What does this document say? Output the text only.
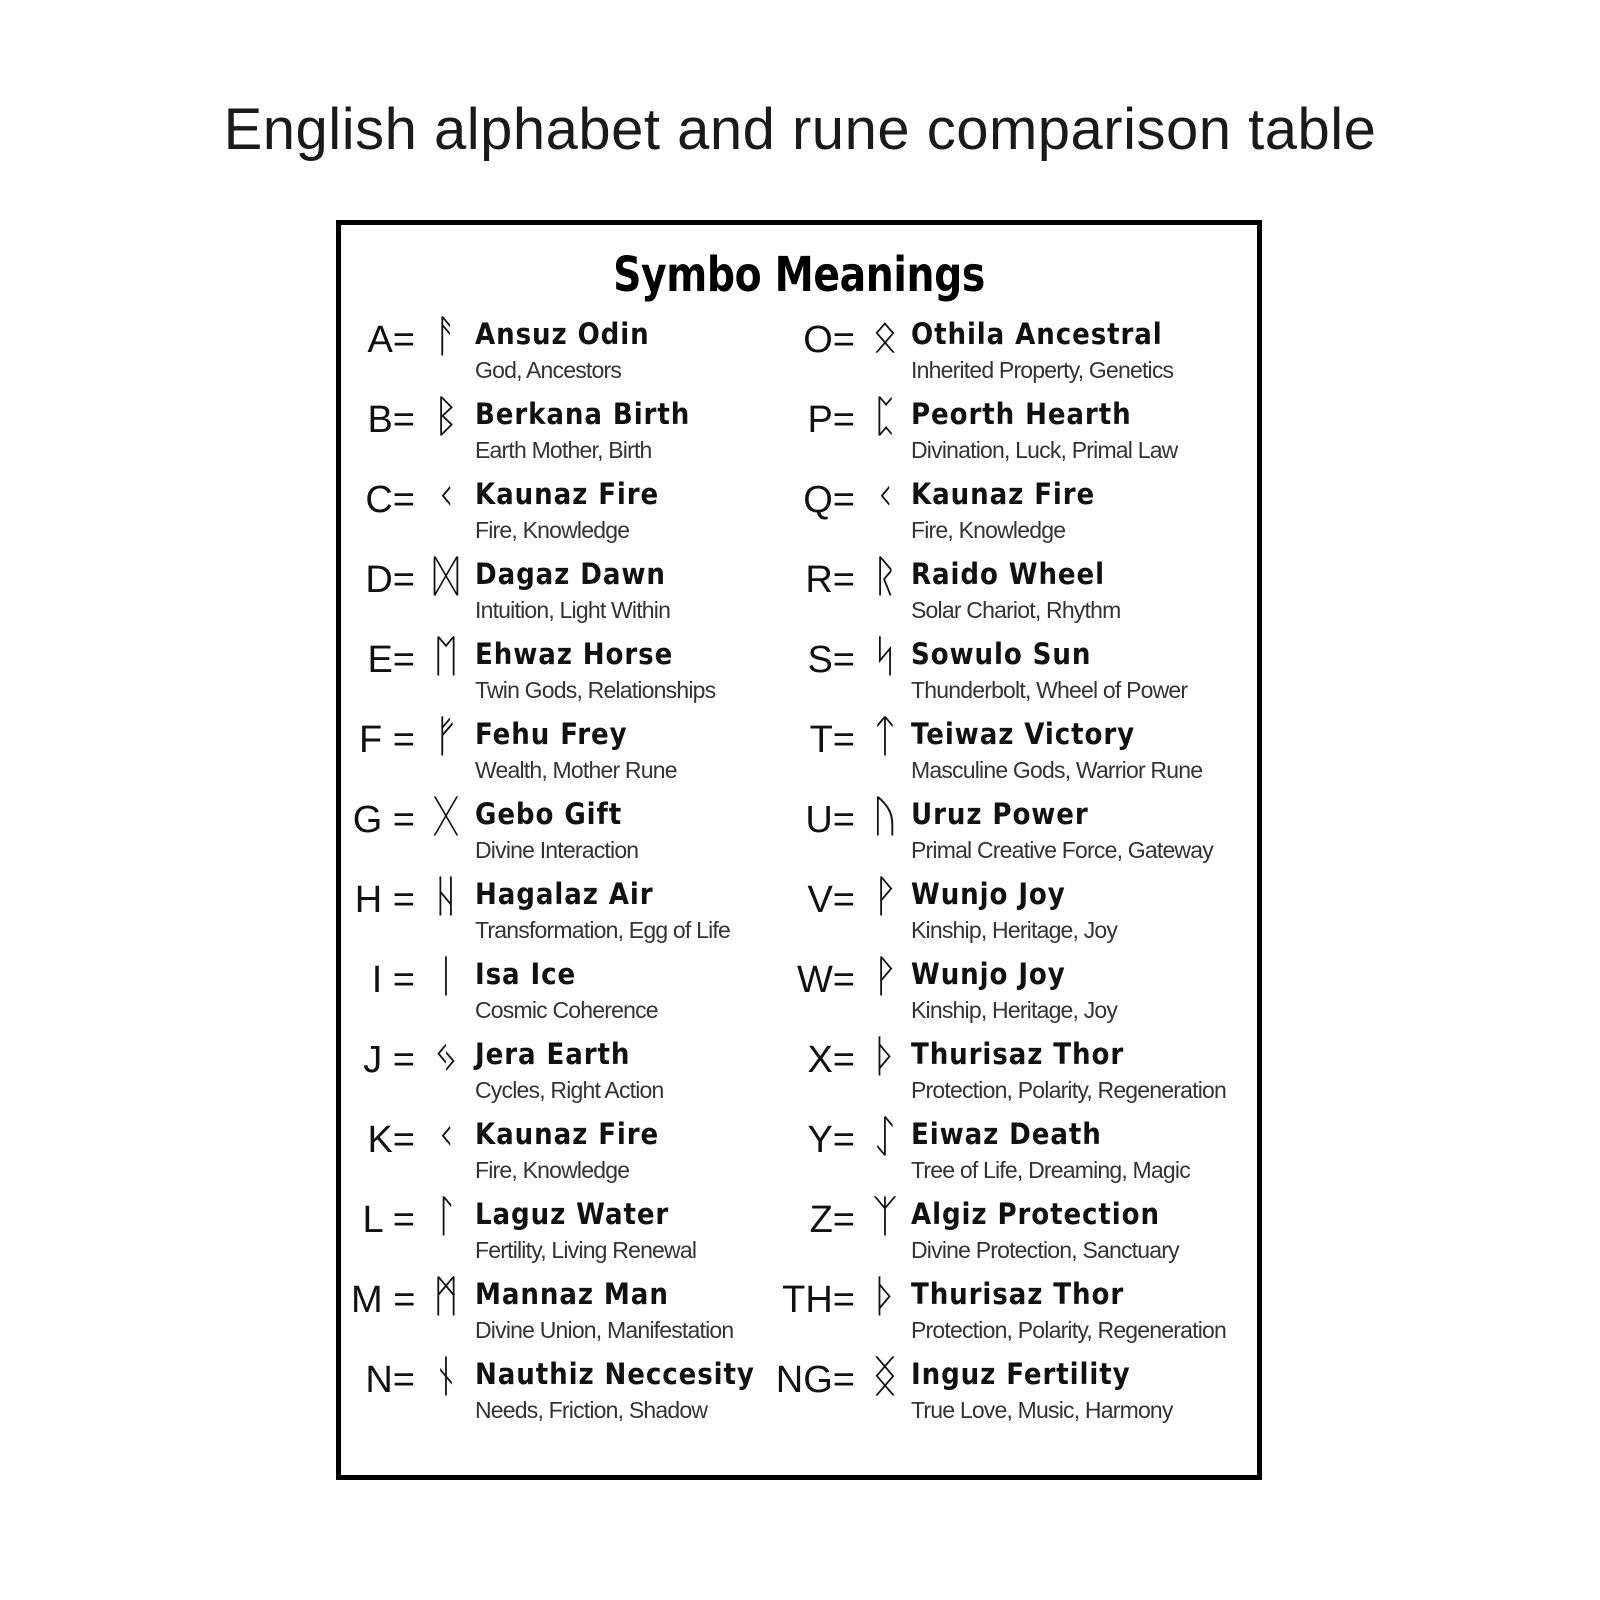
English alphabet and rune comparison table
Symbo Meanings
A= ᚨ Ansuz Odin
God, Ancestors
B= ᛒ Berkana Birth
Earth Mother, Birth
C= ᚲ Kaunaz Fire
Fire, Knowledge
D= ᛞ Dagaz Dawn
Intuition, Light Within
E= ᛖ Ehwaz Horse
Twin Gods, Relationships
F = ᚠ Fehu Frey
Wealth, Mother Rune
G = ᚷ Gebo Gift
Divine Interaction
H = ᚺ Hagalaz Air
Transformation, Egg of Life
I = ᛁ Isa Ice
Cosmic Coherence
J = ᛃ Jera Earth
Cycles, Right Action
K= ᚲ Kaunaz Fire
Fire, Knowledge
L = ᛚ Laguz Water
Fertility, Living Renewal
M = ᛗ Mannaz Man
Divine Union, Manifestation
N= ᚾ Nauthiz Neccesity
Needs, Friction, Shadow
O= ᛟ Othila Ancestral
Inherited Property, Genetics
P= ᛈ Peorth Hearth
Divination, Luck, Primal Law
Q= ᚲ Kaunaz Fire
Fire, Knowledge
R= ᚱ Raido Wheel
Solar Chariot, Rhythm
S= ᛋ Sowulo Sun
Thunderbolt, Wheel of Power
T= ᛏ Teiwaz Victory
Masculine Gods, Warrior Rune
U= ᚢ Uruz Power
Primal Creative Force, Gateway
V= ᚹ Wunjo Joy
Kinship, Heritage, Joy
W= ᚹ Wunjo Joy
Kinship, Heritage, Joy
X= ᚦ Thurisaz Thor
Protection, Polarity, Regeneration
Y= ᛇ Eiwaz Death
Tree of Life, Dreaming, Magic
Z= ᛉ Algiz Protection
Divine Protection, Sanctuary
TH= ᚦ Thurisaz Thor
Protection, Polarity, Regeneration
NG= ᛝ Inguz Fertility
True Love, Music, Harmony
